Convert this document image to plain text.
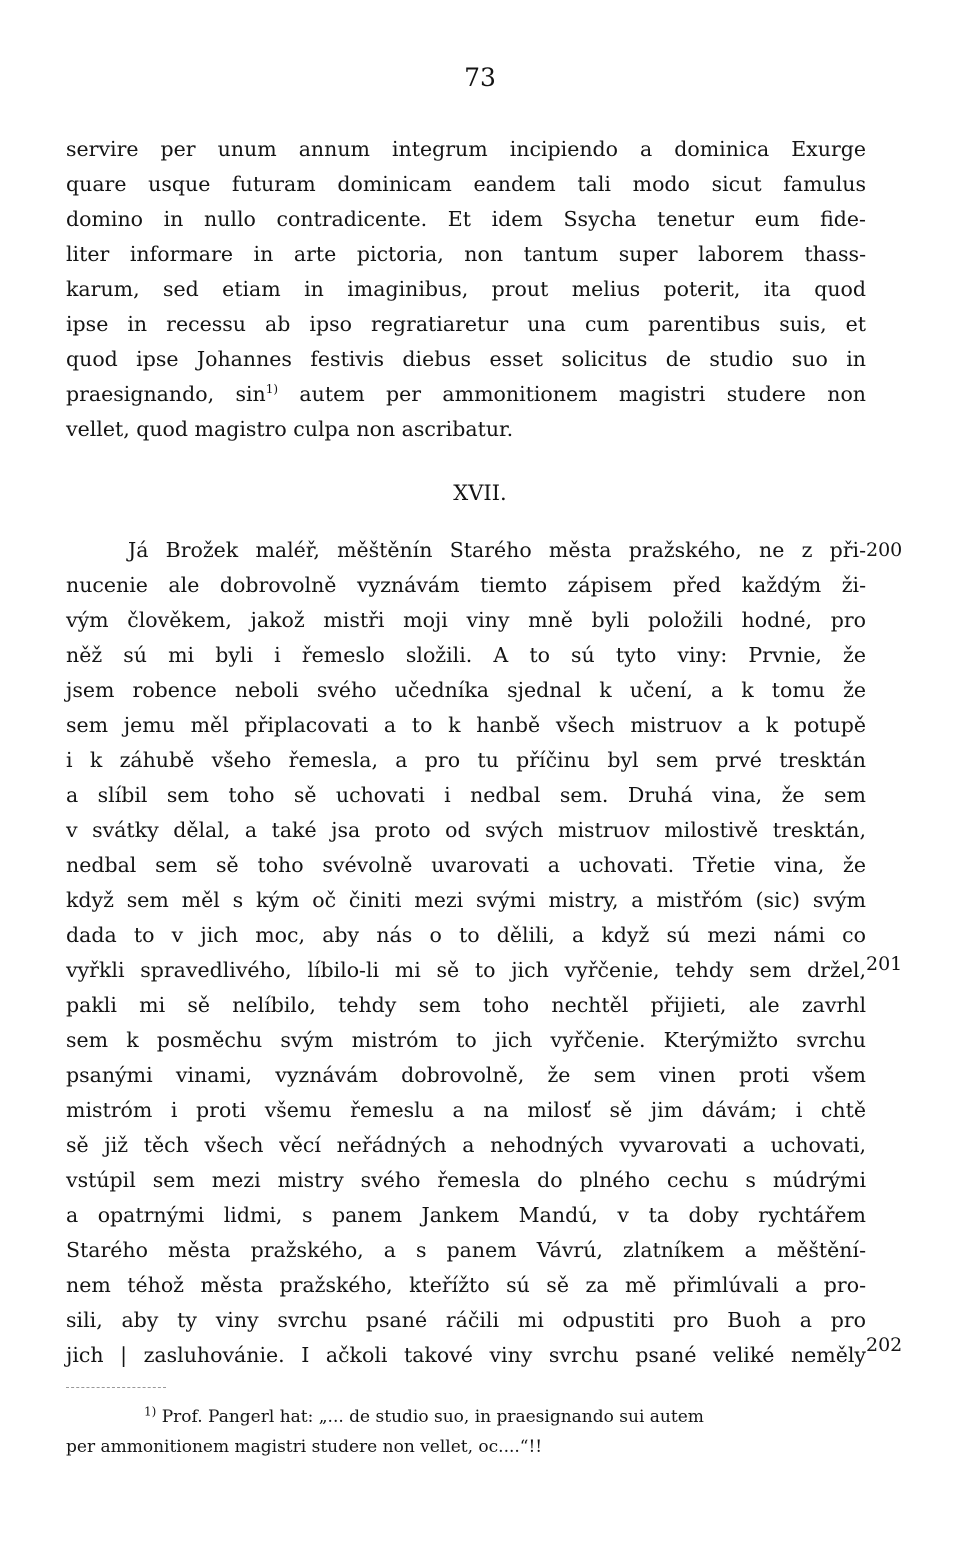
73
servire per unum annum integrum incipiendo a dominica Exurge
quare usque futuram dominicam eandem tali modo sicut famulus
domino in nullo contradicente. Et idem Ssycha tenetur eum fide-
liter informare in arte pictoria, non tantum super laborem thass-
karum, sed etiam in imaginibus, prout melius poterit, ita quod
ipse in recessu ab ipso regratiaretur una cum parentibus suis, et
quod ipse Johannes festivis diebus esset solicitus de studio suo in
praesignando, $\sin^{1)}$ autem per ammonitionem magistri studere non
vellet, quod magistro culpa non ascribatur.
XVII.
Já Brožek maléř, měštěnín Starého města pražského, ne z při-
nucenie ale dobrovolně vyznávám tiemto zápisem před každým ži-
vým člověkem, jakož mistři moji viny mně byli položili hodné, pro
něž sú mi byli i řemeslo složili. A to sú tyto viny: Prvnie, že
jsem robence neboli svého učedníka sjednal k učení, a k tomu že
sem jemu měl připlacovati a to k hanbě všech mistruov a k potupě
i k záhubě všeho řemesla, a pro tu příčinu byl sem prvé tresktán
a slíbil sem toho sě uchovati i nedbal sem. Druhá vina, že sem
v svátky dělal, a také jsa proto od svých mistruov milostivě tresktán,
nedbal sem sě toho svévolně uvarovati a uchovati. Třetie vina, že
když sem měl s kým oč činiti mezi svými mistry, a mistřóm (sic) svým
dada to v jich moc, aby nás o to dělili, a když sú mezi námi co
vyřkli spravedlivého, líbilo-li mi sě to jich vyřčenie, tehdy sem držel,
pakli mi sě nelíbilo, tehdy sem toho nechtěl přijieti, ale zavrhl
sem k posměchu svým mistróm to jich vyřčenie. Kterýmižto svrchu
psanými vinami, vyznávám dobrovolně, že sem vinen proti všem
mistróm i proti všemu řemeslu a na milosť sě jim dávám; i chtě
sě již těch všech věcí neřádných a nehodných vyvarovati a uchovati,
vstúpil sem mezi mistry svého řemesla do plného cechu s múdrými
a opatrnými lidmi, s panem Jankem Mandú, v ta doby rychtářem
Starého města pražského, a s panem Vávrú, zlatníkem a měštění-
nem téhož města pražského, kteřížto sú sě za mě přimlúvali a pro-
sili, aby ty viny svrchu psané ráčili mi odpustiti pro Buoh a pro
jich | zasluhovánie. I ačkoli takové viny svrchu psané veliké neměly
200
201
202
$^{1)}$ Prof. Pangerl hat: „... de studio suo, in praesignando sui autem
per ammonitionem magistri studere non vellet, oc....“!!
